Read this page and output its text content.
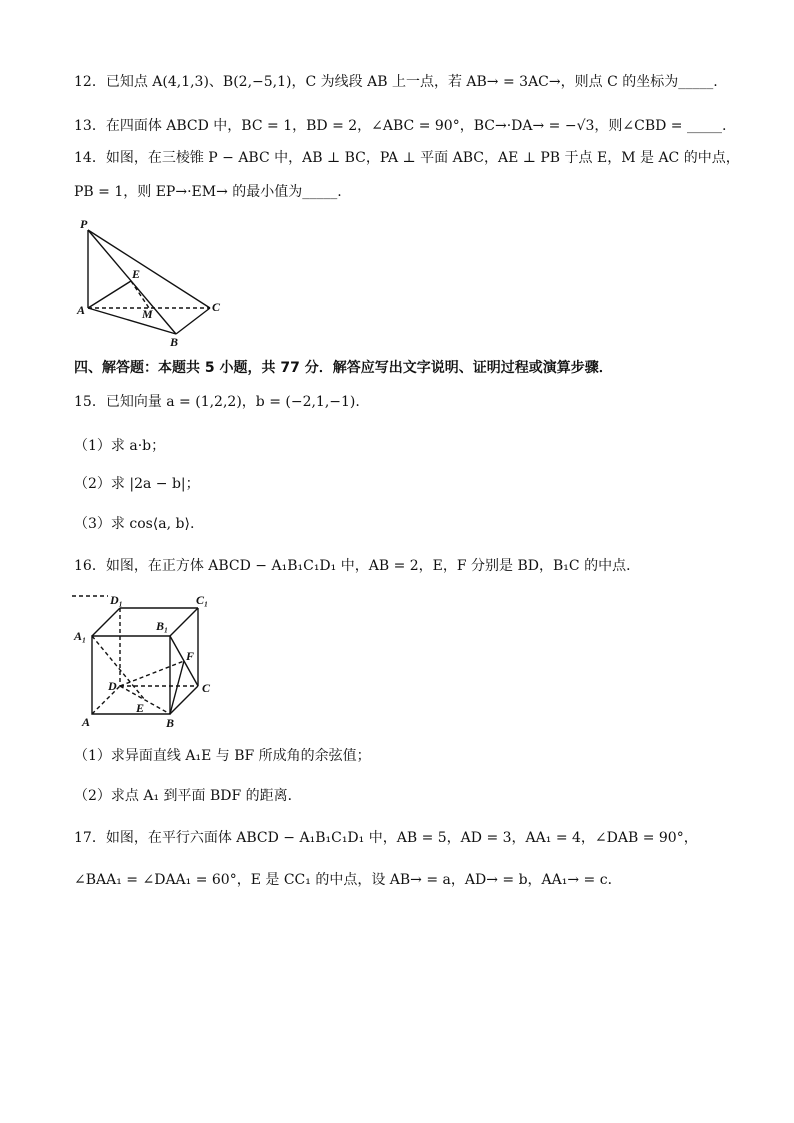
12．已知点 A(4,1,3)、B(2,−5,1)，C 为线段 AB 上一点，若 AB→ = 3AC→，则点 C 的坐标为_____.
13．在四面体 ABCD 中，BC = 1，BD = 2，∠ABC = 90°，BC→·DA→ = −√3，则∠CBD = _____.
14．如图，在三棱锥 P − ABC 中，AB ⊥ BC，PA ⊥ 平面 ABC，AE ⊥ PB 于点 E，M 是 AC 的中点，
PB = 1，则 EP→·EM→ 的最小值为_____.
P
E
A	M	C
B
四、解答题：本题共 5 小题，共 77 分．解答应写出文字说明、证明过程或演算步骤．
15．已知向量 a = (1,2,2)，b = (−2,1,−1).
（1）求 a·b；
（2）求 |2a − b|；
（3）求 cos⟨a, b⟩.
16．如图，在正方体 ABCD − A₁B₁C₁D₁ 中，AB = 2，E，F 分别是 BD，B₁C 的中点．
D₁	C₁
B₁
A₁
F
D	C
E
A	B
（1）求异面直线 A₁E 与 BF 所成角的余弦值；
（2）求点 A₁ 到平面 BDF 的距离．
17．如图，在平行六面体 ABCD − A₁B₁C₁D₁ 中，AB = 5，AD = 3，AA₁ = 4，∠DAB = 90°，
∠BAA₁ = ∠DAA₁ = 60°，E 是 CC₁ 的中点，设 AB→ = a，AD→ = b，AA₁→ = c．
